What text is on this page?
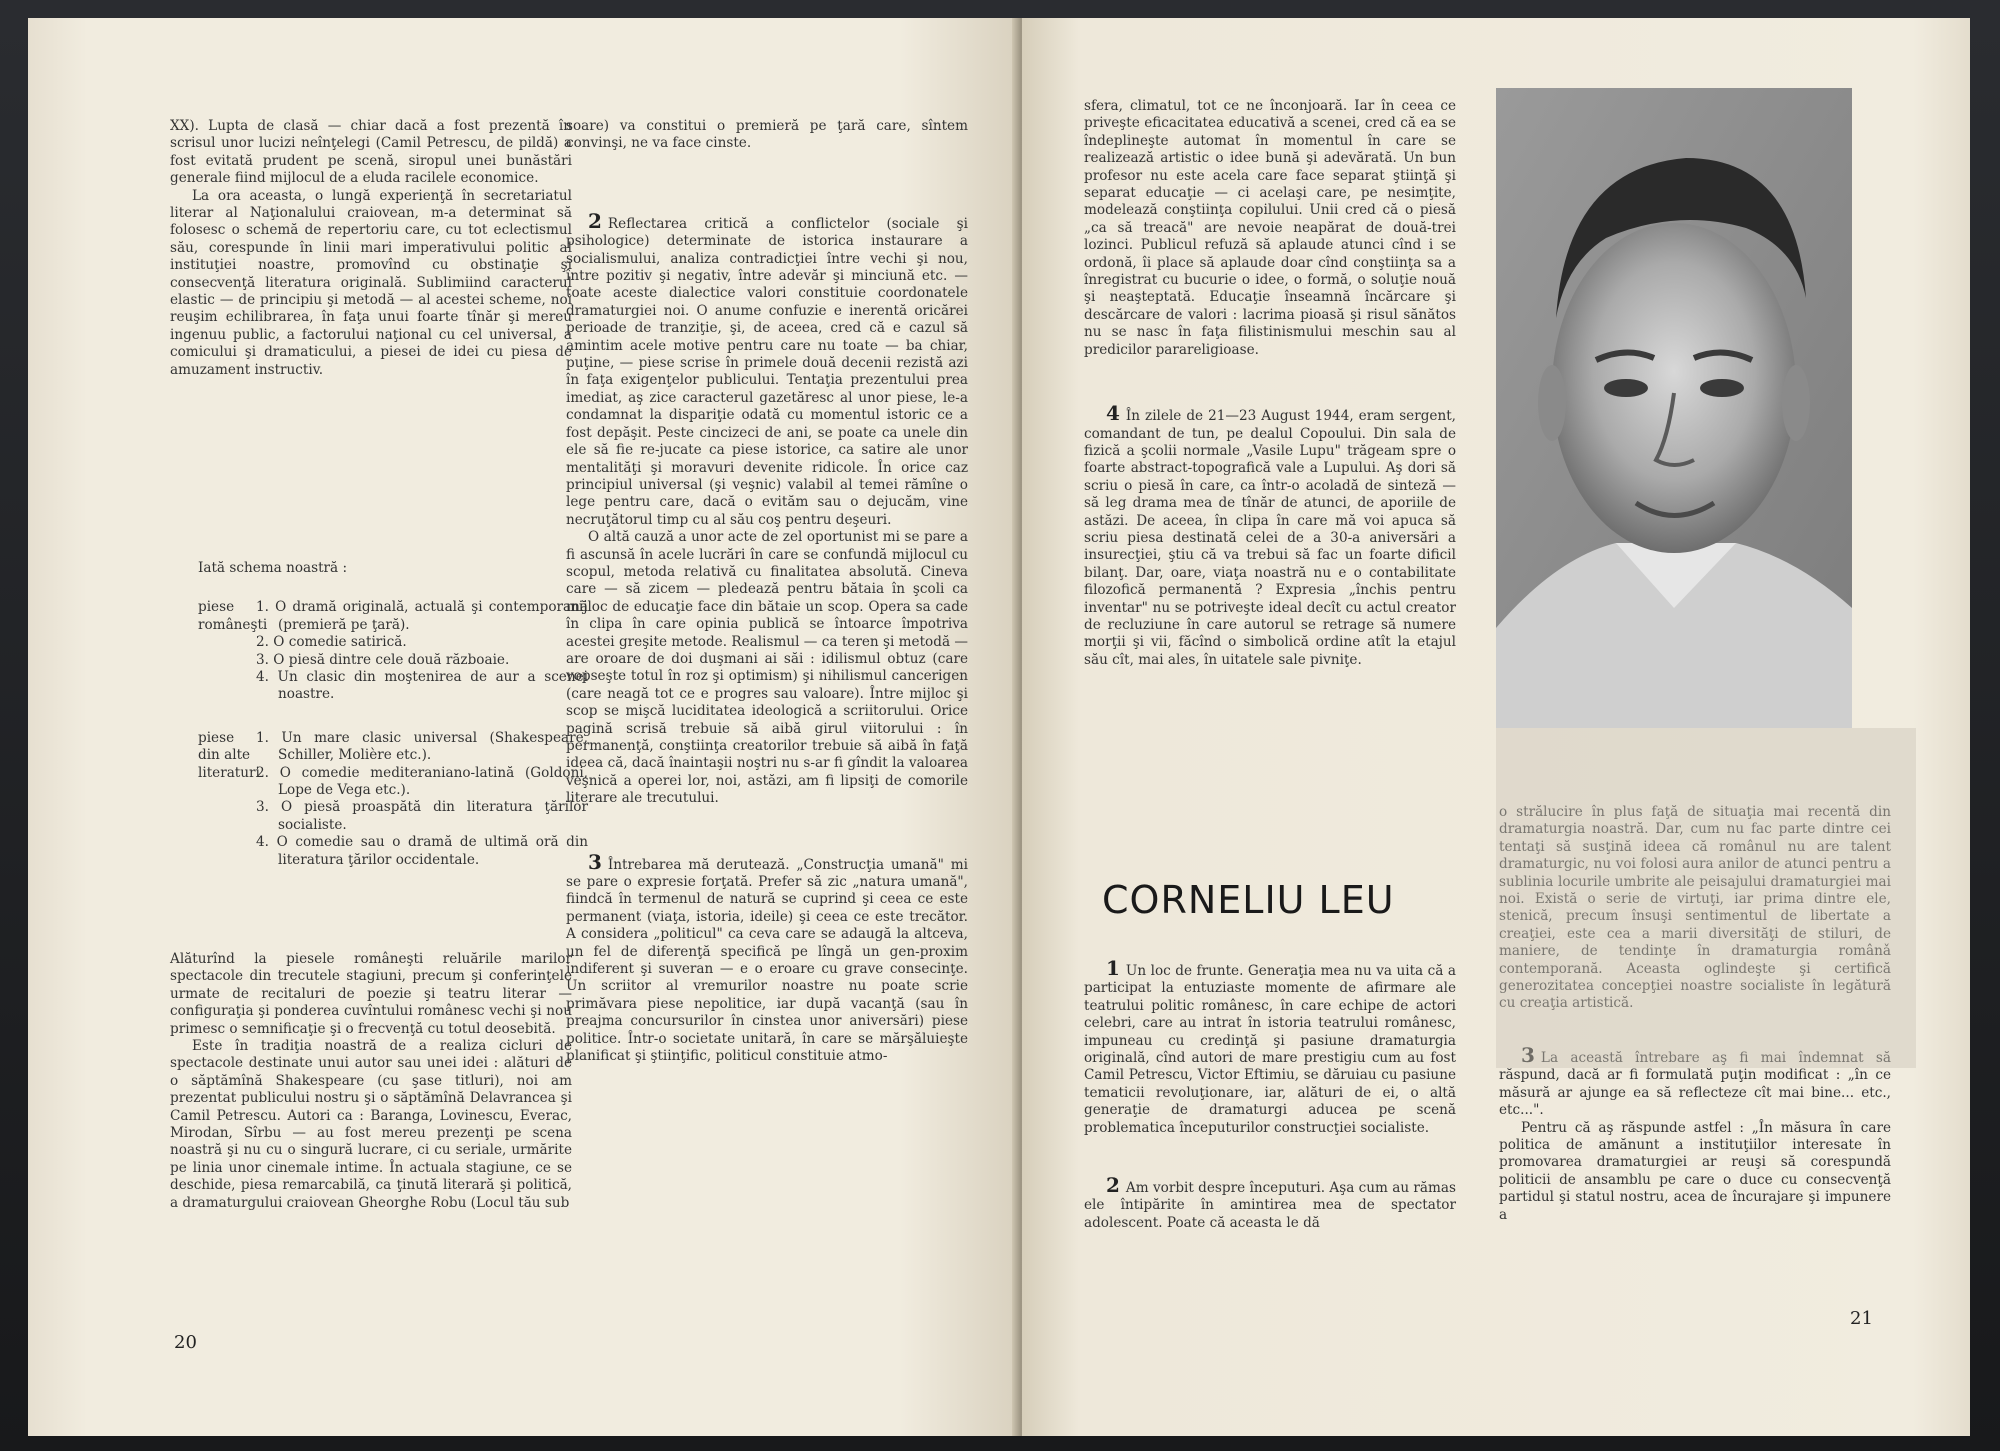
XX). Lupta de clasă — chiar dacă a fost prezentă în scrisul unor lucizi neînţelegi (Camil Petrescu, de pildă) a fost evitată prudent pe scenă, siropul unei bunăstări generale fiind mijlocul de a eluda racilele economice.

La ora aceasta, o lungă experienţă în secretariatul literar al Naţionalului craiovean, m-a determinat să folosesc o schemă de repertoriu care, cu tot eclectismul său, corespunde în linii mari imperativului politic al instituţiei noastre, promovînd cu obstinaţie şi consecvenţă literatura originală. Sublimiind caracterul elastic — de principiu şi metodă — al acestei scheme, noi reuşim echilibrarea, în faţa unui foarte tînăr şi mereu ingenuu public, a factorului naţional cu cel universal, a comicului şi dramaticului, a piesei de idei cu piesa de amuzament instructiv.

Iată schema noastră :
piese româneşti
1. O dramă originală, actuală şi contemporană (premieră pe ţară).
2. O comedie satirică.
3. O piesă dintre cele două războaie.
4. Un clasic din moştenirea de aur a scenei noastre.
piese din alte literaturi
1. Un mare clasic universal (Shakespeare, Schiller, Molière etc.).
2. O comedie mediteraniano-latină (Goldoni, Lope de Vega etc.).
3. O piesă proaspătă din literatura ţărilor socialiste.
4. O comedie sau o dramă de ultimă oră din literatura ţărilor occidentale.

Alăturînd la piesele româneşti reluările marilor spectacole din trecutele stagiuni, precum şi conferinţele urmate de recitaluri de poezie şi teatru literar — configuraţia şi ponderea cuvîntului românesc vechi şi nou primesc o semnificaţie şi o frecvenţă cu totul deosebită.

Este în tradiţia noastră de a realiza cicluri de spectacole destinate unui autor sau unei idei : alături de o săptămînă Shakespeare (cu şase titluri), noi am prezentat publicului nostru şi o săptămînă Delavrancea şi Camil Petrescu. Autori ca : Baranga, Lovinescu, Everac, Mirodan, Sîrbu — au fost mereu prezenţi pe scena noastră şi nu cu o singură lucrare, ci cu seriale, urmărite pe linia unor cinemale intime. În actuala stagiune, ce se deschide, piesa remarcabilă, ca ţinută literară şi politică, a dramaturgului craiovean Gheorghe Robu (Locul tău sub

soare) va constitui o premieră pe ţară care, sîntem convinşi, ne va face cinste.

2 Reflectarea critică a conflictelor (sociale şi psihologice) determinate de istorica instaurare a socialismului, analiza contradicţiei între vechi şi nou, între pozitiv şi negativ, între adevăr şi minciună etc. — toate aceste dialectice valori constituie coordonatele dramaturgiei noi. O anume confuzie e inerentă oricărei perioade de tranziţie, şi, de aceea, cred că e cazul să amintim acele motive pentru care nu toate — ba chiar, puţine, — piese scrise în primele două decenii rezistă azi în faţa exigenţelor publicului. Tentaţia prezentului prea imediat, aş zice caracterul gazetăresc al unor piese, le-a condamnat la dispariţie odată cu momentul istoric ce a fost depăşit. Peste cincizeci de ani, se poate ca unele din ele să fie re-jucate ca piese istorice, ca satire ale unor mentalităţi şi moravuri devenite ridicole. În orice caz principiul universal (şi veşnic) valabil al temei rămîne o lege pentru care, dacă o evităm sau o dejucăm, vine necruţătorul timp cu al său coş pentru deşeuri.

O altă cauză a unor acte de zel oportunist mi se pare a fi ascunsă în acele lucrări în care se confundă mijlocul cu scopul, metoda relativă cu finalitatea absolută. Cineva care — să zicem — pledează pentru bătaia în şcoli ca mijloc de educaţie face din bătaie un scop. Opera sa cade în clipa în care opinia publică se întoarce împotriva acestei greşite metode. Realismul — ca teren şi metodă — are oroare de doi duşmani ai săi : idilismul obtuz (care vopseşte totul în roz şi optimism) şi nihilismul cancerigen (care neagă tot ce e progres sau valoare). Între mijloc şi scop se mişcă luciditatea ideologică a scriitorului. Orice pagină scrisă trebuie să aibă girul viitorului : în permanenţă, conştiinţa creatorilor trebuie să aibă în faţă ideea că, dacă înaintaşii noştri nu s-ar fi gîndit la valoarea veşnică a operei lor, noi, astăzi, am fi lipsiţi de comorile literare ale trecutului.

3 Întrebarea mă derutează. „Construcţia umană" mi se pare o expresie forţată. Prefer să zic „natura umană", fiindcă în termenul de natură se cuprind şi ceea ce este permanent (viaţa, istoria, ideile) şi ceea ce este trecător. A considera „politicul" ca ceva care se adaugă la altceva, un fel de diferenţă specifică pe lîngă un gen-proxim indiferent şi suveran — e o eroare cu grave consecinţe. Un scriitor al vremurilor noastre nu poate scrie primăvara piese nepolitice, iar după vacanţă (sau în preajma concursurilor în cinstea unor aniversări) piese politice. Într-o societate unitară, în care se mărşăluieşte planificat şi ştiinţific, politicul constituie atmo-

20

sfera, climatul, tot ce ne înconjoară. Iar în ceea ce priveşte eficacitatea educativă a scenei, cred că ea se îndeplineşte automat în momentul în care se realizează artistic o idee bună şi adevărată. Un bun profesor nu este acela care face separat ştiinţă şi separat educaţie — ci acelaşi care, pe nesimţite, modelează conştiinţa copilului. Unii cred că o piesă „ca să treacă" are nevoie neapărat de două-trei lozinci. Publicul refuză să aplaude atunci cînd i se ordonă, îi place să aplaude doar cînd conştiinţa sa a înregistrat cu bucurie o idee, o formă, o soluţie nouă şi neaşteptată. Educaţie înseamnă încărcare şi descărcare de valori : lacrima pioasă şi risul sănătos nu se nasc în faţa filistinismului meschin sau al predicilor parareligioase.

4 În zilele de 21—23 August 1944, eram sergent, comandant de tun, pe dealul Copoului. Din sala de fizică a şcolii normale „Vasile Lupu" trăgeam spre o foarte abstract-topografică vale a Lupului. Aş dori să scriu o piesă în care, ca într-o acoladă de sinteză — să leg drama mea de tînăr de atunci, de aporiile de astăzi. De aceea, în clipa în care mă voi apuca să scriu piesa destinată celei de a 30-a aniversări a insurecţiei, ştiu că va trebui să fac un foarte dificil bilanţ. Dar, oare, viaţa noastră nu e o contabilitate filozofică permanentă ? Expresia „închis pentru inventar" nu se potriveşte ideal decît cu actul creator de recluziune în care autorul se retrage să numere morţii şi vii, făcînd o simbolică ordine atît la etajul său cît, mai ales, în uitatele sale pivniţe.

1 Un loc de frunte. Generaţia mea nu va uita că a participat la entuziaste momente de afirmare ale teatrului politic românesc, în care echipe de actori celebri, care au intrat în istoria teatrului românesc, impuneau cu credinţă şi pasiune dramaturgia originală, cînd autori de mare prestigiu cum au fost Camil Petrescu, Victor Eftimiu, se dăruiau cu pasiune tematicii revoluţionare, iar, alături de ei, o altă generaţie de dramaturgi aducea pe scenă problematica începuturilor construcţiei socialiste.

2 Am vorbit despre începuturi. Aşa cum au rămas ele întipărite în amintirea mea de spectator adolescent. Poate că aceasta le dă

o strălucire în plus faţă de situaţia mai recentă din dramaturgia noastră. Dar, cum nu fac parte dintre cei tentaţi să susţină ideea că românul nu are talent dramaturgic, nu voi folosi aura anilor de atunci pentru a sublinia locurile umbrite ale peisajului dramaturgiei mai noi. Există o serie de virtuţi, iar prima dintre ele, stenică, precum însuşi sentimentul de libertate a creaţiei, este cea a marii diversităţi de stiluri, de maniere, de tendinţe în dramaturgia românǎ contemporană. Aceasta oglindeşte şi certifică generozitatea concepţiei noastre socialiste în legătură cu creaţia artistică.

3 La această întrebare aş fi mai îndemnat să răspund, dacă ar fi formulată puţin modificat : „în ce măsură ar ajunge ea să reflecteze cît mai bine... etc., etc...".

Pentru că aş răspunde astfel : „În măsura în care politica de amănunt a instituţiilor interesate în promovarea dramaturgiei ar reuşi să corespundă politicii de ansamblu pe care o duce cu consecvenţă partidul şi statul nostru, acea de încurajare şi impunere a

21
CORNELIU LEU
